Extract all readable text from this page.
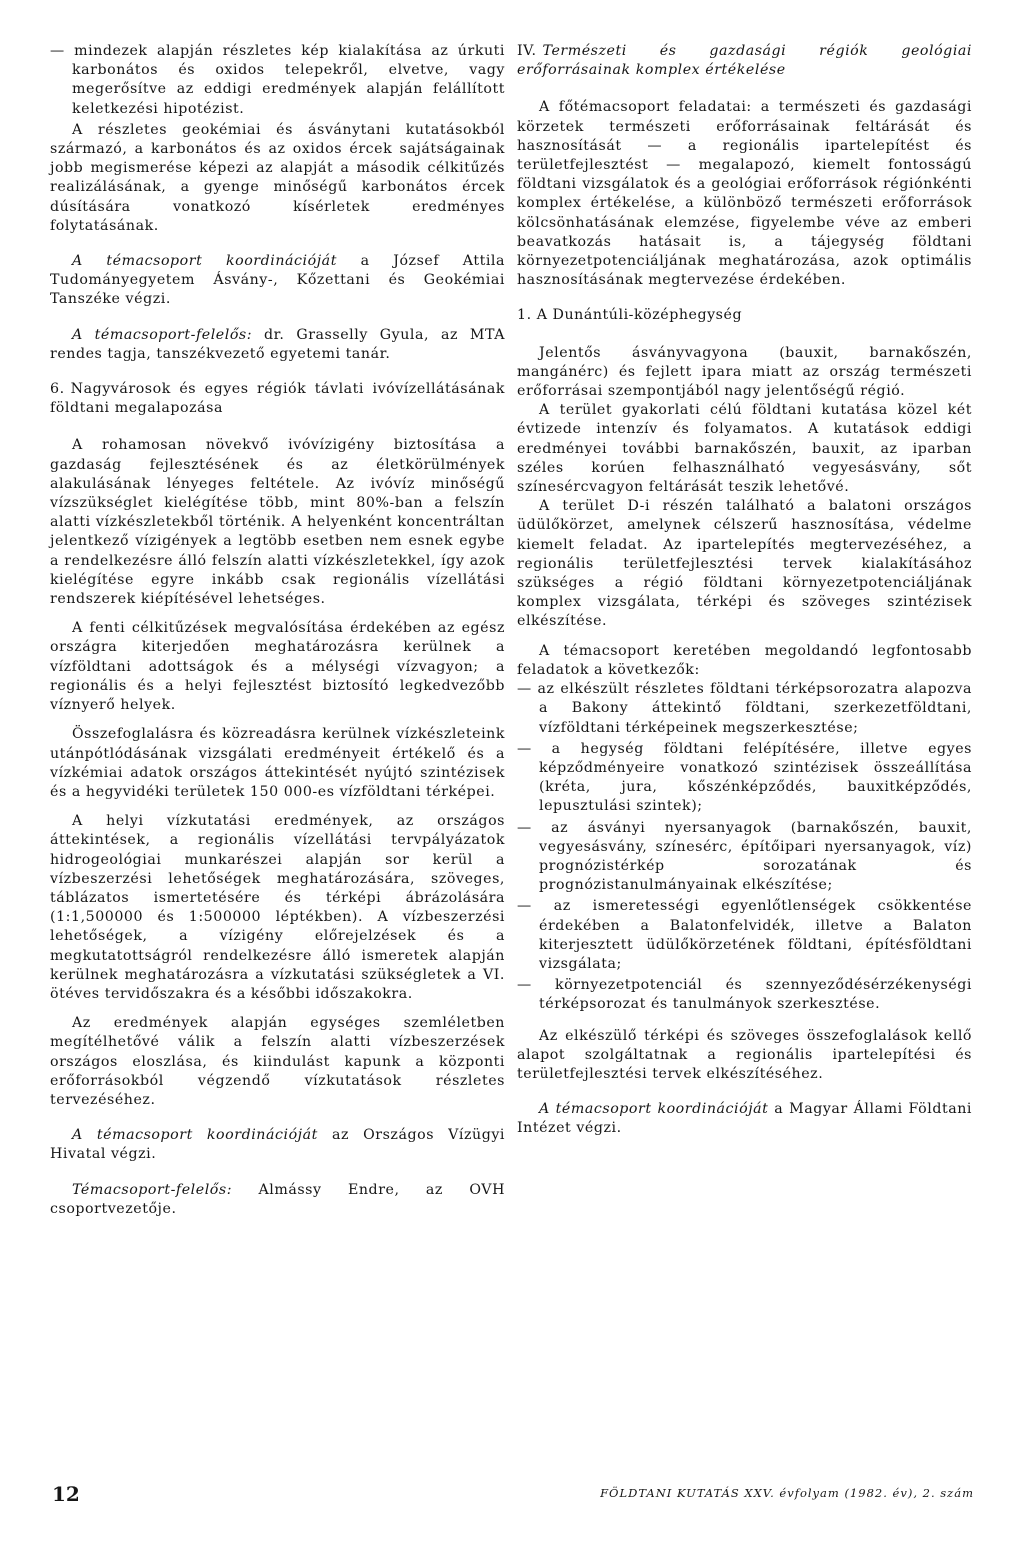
— mindezek alapján részletes kép kialakítása az úrkuti karbonátos és oxidos telepekről, elvetve, vagy megerősítve az eddigi eredmények alapján felállított keletkezési hipotézist.

A részletes geokémiai és ásványtani kutatásokból származó, a karbonátos és az oxidos ércek sajátságainak jobb megismerése képezi az alapját a második célkitűzés realizálásának, a gyenge minőségű karbonátos ércek dúsítására vonatkozó kísérletek eredményes folytatásának.

A témacsoport koordinációját a József Attila Tudományegyetem Ásvány-, Kőzettani és Geokémiai Tanszéke végzi.

A témacsoport-felelős: dr. Grasselly Gyula, az MTA rendes tagja, tanszékvezető egyetemi tanár.

6. Nagyvárosok és egyes régiók távlati ivóvízellátásának földtani megalapozása

A rohamosan növekvő ivóvízigény biztosítása a gazdaság fejlesztésének és az életkörülmények alakulásának lényeges feltétele. Az ivóvíz minőségű vízszükséglet kielégítése több, mint 80%-ban a felszín alatti vízkészletekből történik. A helyenként koncentráltan jelentkező vízigények a legtöbb esetben nem esnek egybe a rendelkezésre álló felszín alatti vízkészletekkel, így azok kielégítése egyre inkább csak regionális vízellátási rendszerek kiépítésével lehetséges.

A fenti célkitűzések megvalósítása érdekében az egész országra kiterjedően meghatározásra kerülnek a vízföldtani adottságok és a mélységi vízvagyon; a regionális és a helyi fejlesztést biztosító legkedvezőbb víznyerő helyek.

Összefoglalásra és közreadásra kerülnek vízkészleteink utánpótlódásának vizsgálati eredményeit értékelő és a vízkémiai adatok országos áttekintését nyújtó szintézisek és a hegyvidéki területek 150 000-es vízföldtani térképei.

A helyi vízkutatási eredmények, az országos áttekintések, a regionális vízellátási tervpályázatok hidrogeológiai munkarészei alapján sor kerül a vízbeszerzési lehetőségek meghatározására, szöveges, táblázatos ismertetésére és térképi ábrázolására (1:1,500000 és 1:500000 léptékben). A vízbeszerzési lehetőségek, a vízigény előrejelzések és a megkutatottságról rendelkezésre álló ismeretek alapján kerülnek meghatározásra a vízkutatási szükségletek a VI. ötéves tervidőszakra és a későbbi időszakokra.

Az eredmények alapján egységes szemléletben megítélhetővé válik a felszín alatti vízbeszerzések országos eloszlása, és kiindulást kapunk a központi erőforrásokból végzendő vízkutatások részletes tervezéséhez.

A témacsoport koordinációját az Országos Vízügyi Hivatal végzi.

Témacsoport-felelős: Almássy Endre, az OVH csoportvezetője.

IV. Természeti és gazdasági régiók geológiai erőforrásainak komplex értékelése

A főtémacsoport feladatai: a természeti és gazdasági körzetek természeti erőforrásainak feltárását és hasznosítását — a regionális ipartelepítést és területfejlesztést — megalapozó, kiemelt fontosságú földtani vizsgálatok és a geológiai erőforrások régiónkénti komplex értékelése, a különböző természeti erőforrások kölcsönhatásának elemzése, figyelembe véve az emberi beavatkozás hatásait is, a tájegység földtani környezetpotenciáljának meghatározása, azok optimális hasznosításának megtervezése érdekében.

1. A Dunántúli-középhegység

Jelentős ásványvagyona (bauxit, barnakőszén, mangánérc) és fejlett ipara miatt az ország természeti erőforrásai szempontjából nagy jelentőségű régió.

A terület gyakorlati célú földtani kutatása közel két évtizede intenzív és folyamatos. A kutatások eddigi eredményei további barnakőszén, bauxit, az iparban széles korúen felhasználható vegyesásvány, sőt színesércvagyon feltárását teszik lehetővé.

A terület D-i részén található a balatoni országos üdülőkörzet, amelynek célszerű hasznosítása, védelme kiemelt feladat. Az ipartelepítés megtervezéséhez, a regionális területfejlesztési tervek kialakításához szükséges a régió földtani környezetpotenciáljának komplex vizsgálata, térképi és szöveges szintézisek elkészítése.

A témacsoport keretében megoldandó legfontosabb feladatok a következők:

— az elkészült részletes földtani térképsorozatra alapozva a Bakony áttekintő földtani, szerkezetföldtani, vízföldtani térképeinek megszerkesztése;

— a hegység földtani felépítésére, illetve egyes képződményeire vonatkozó szintézisek összeállítása (kréta, jura, kőszénképződés, bauxitképződés, lepusztulási szintek);

— az ásványi nyersanyagok (barnakőszén, bauxit, vegyesásvány, színesérc, építőipari nyersanyagok, víz) prognózistérkép sorozatának és prognózistanulmányainak elkészítése;

— az ismeretességi egyenlőtlenségek csökkentése érdekében a Balatonfelvidék, illetve a Balaton kiterjesztett üdülőkörzetének földtani, építésföldtani vizsgálata;

— környezetpotenciál és szennyeződésérzékenységi térképsorozat és tanulmányok szerkesztése.

Az elkészülő térképi és szöveges összefoglalások kellő alapot szolgáltatnak a regionális ipartelepítési és területfejlesztési tervek elkészítéséhez.

A témacsoport koordinációját a Magyar Állami Földtani Intézet végzi.

12	FÖLDTANI KUTATÁS XXV. évfolyam (1982. év), 2. szám
